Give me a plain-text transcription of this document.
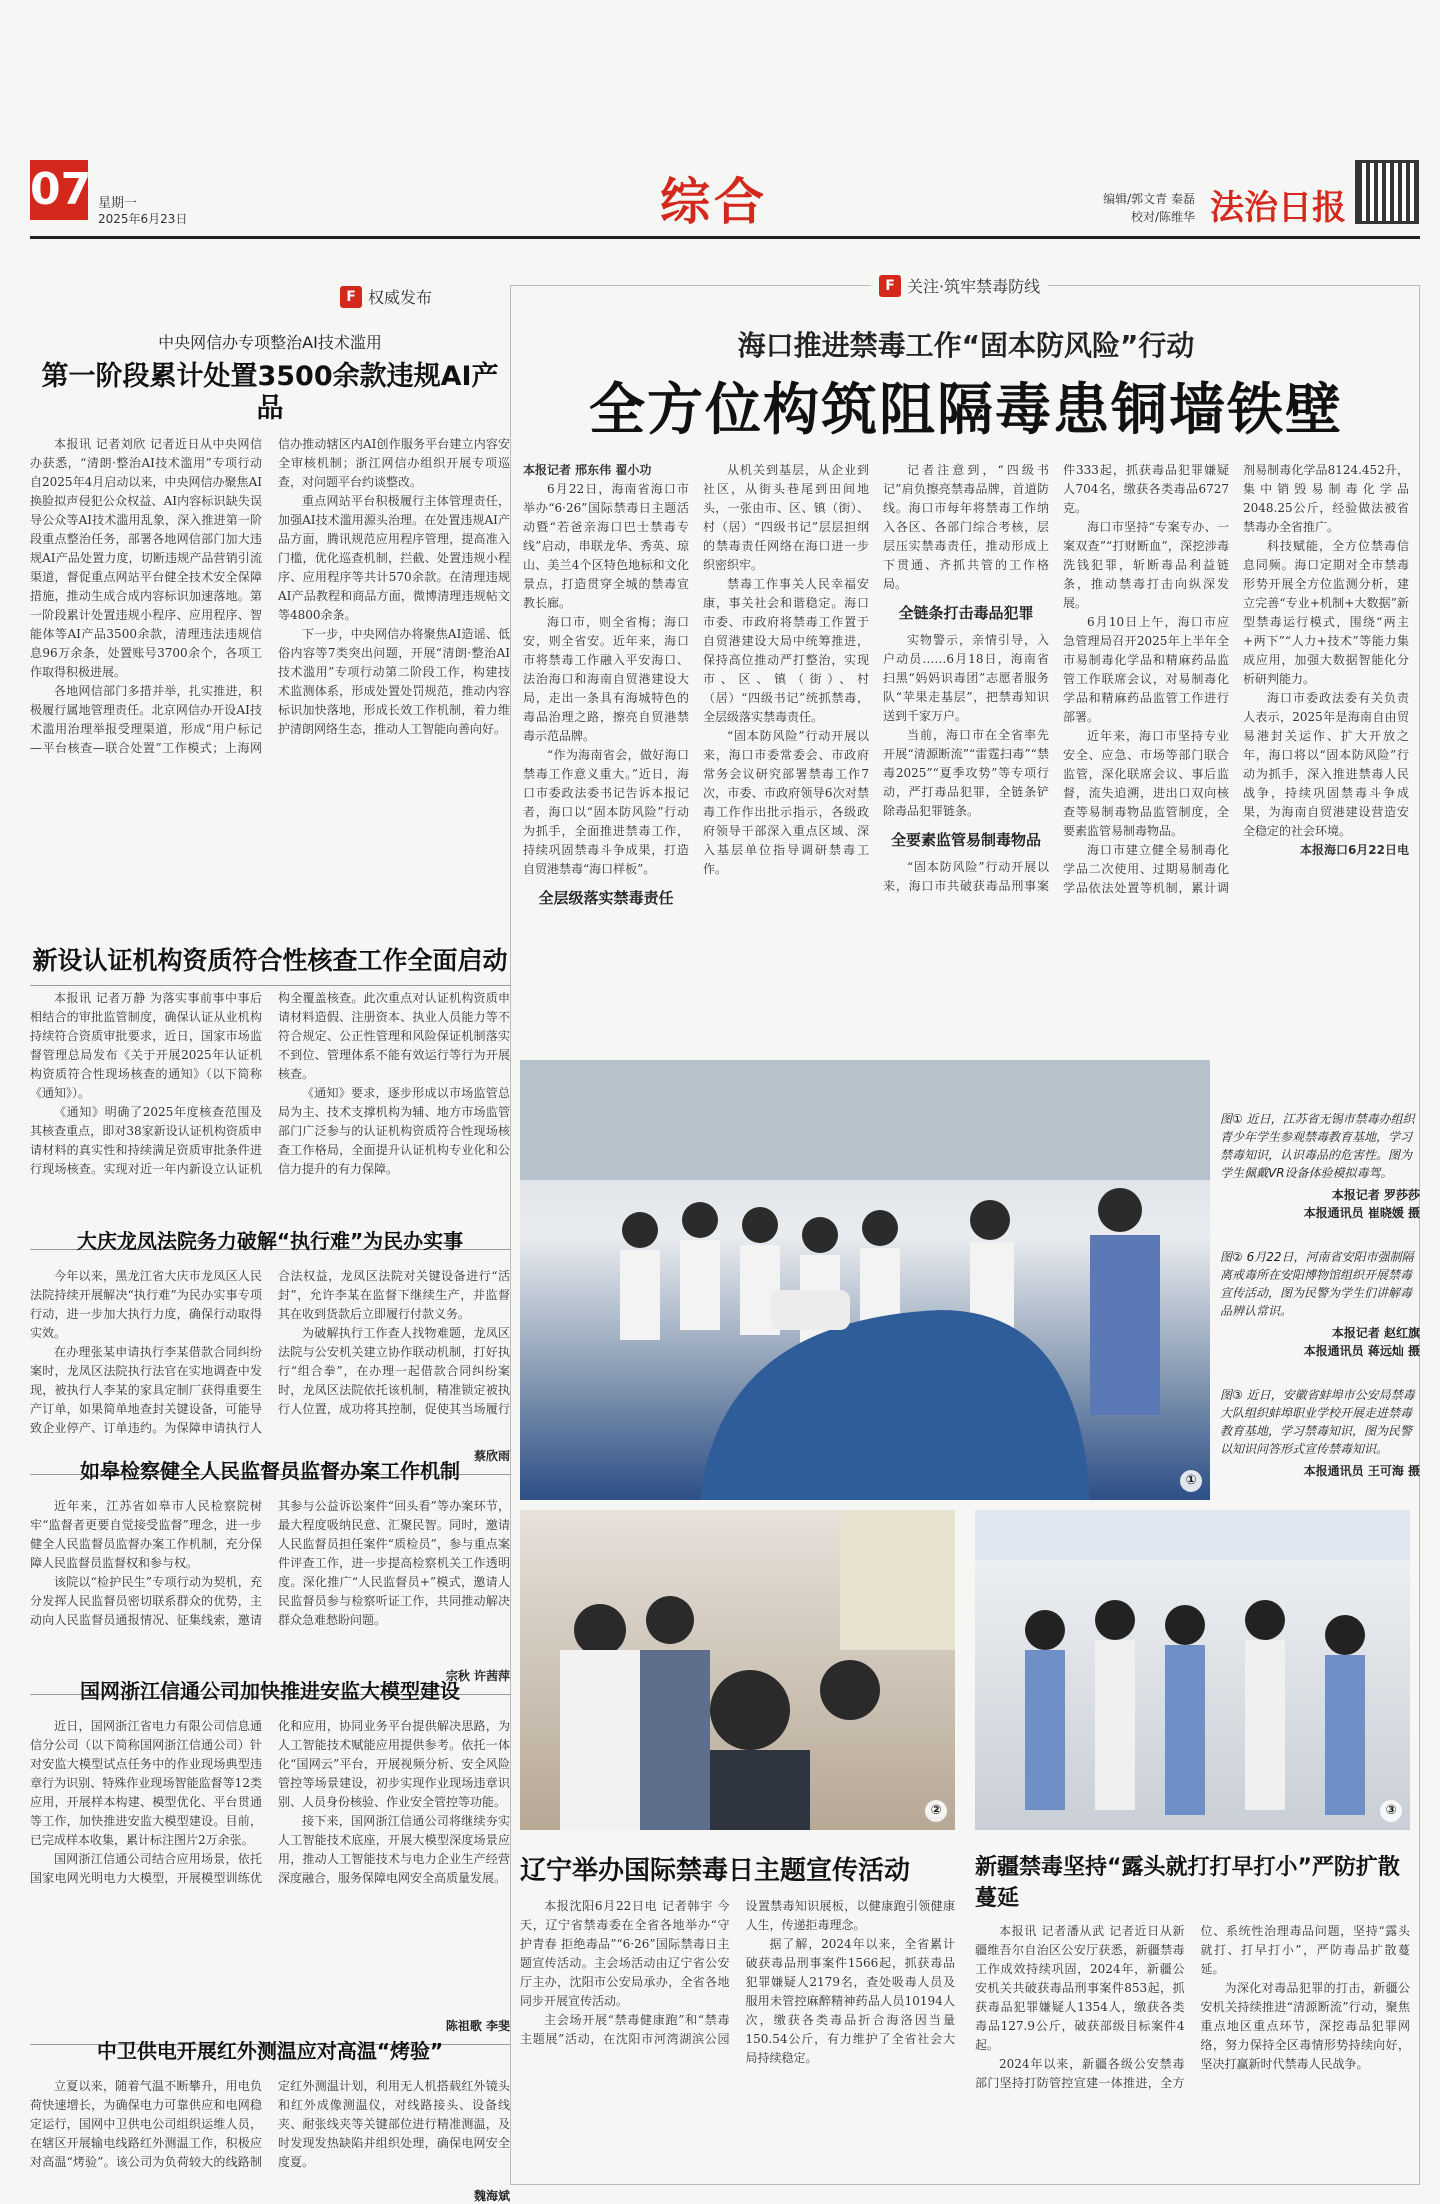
07 星期一
2025年6月23日	综合	编辑/郭文青 秦磊
校对/陈维华 法治日报
F 权威发布
中央网信办专项整治AI技术滥用
第一阶段累计处置3500余款违规AI产品

本报讯 记者刘欣 记者近日从中央网信办获悉，“清朗·整治AI技术滥用”专项行动自2025年4月启动以来，中央网信办聚焦AI换脸拟声侵犯公众权益、AI内容标识缺失误导公众等AI技术滥用乱象，深入推进第一阶段重点整治任务，部署各地网信部门加大违规AI产品处置力度，切断违规产品营销引流渠道，督促重点网站平台健全技术安全保障措施，推动生成合成内容标识加速落地。第一阶段累计处置违规小程序、应用程序、智能体等AI产品3500余款，清理违法违规信息96万余条，处置账号3700余个，各项工作取得积极进展。

各地网信部门多措并举，扎实推进，积极履行属地管理责任。北京网信办开设AI技术滥用治理举报受理渠道，形成“用户标记—平台核查—联合处置”工作模式；上海网信办推动辖区内AI创作服务平台建立内容安全审核机制；浙江网信办组织开展专项巡查，对问题平台约谈整改。

重点网站平台积极履行主体管理责任，加强AI技术滥用源头治理。在处置违规AI产品方面，腾讯规范应用程序管理，提高准入门槛，优化巡查机制，拦截、处置违规小程序、应用程序等共计570余款。在清理违规AI产品教程和商品方面，微博清理违规帖文等4800余条。

下一步，中央网信办将聚焦AI造谣、低俗内容等7类突出问题，开展“清朗·整治AI技术滥用”专项行动第二阶段工作，构建技术监测体系，形成处置处罚规范，推动内容标识加快落地，形成长效工作机制，着力维护清朗网络生态，推动人工智能向善向好。

新设认证机构资质符合性核查工作全面启动

本报讯 记者万静 为落实事前事中事后相结合的审批监管制度，确保认证从业机构持续符合资质审批要求，近日，国家市场监督管理总局发布《关于开展2025年认证机构资质符合性现场核查的通知》（以下简称《通知》）。

《通知》明确了2025年度核查范围及其核查重点，即对38家新设认证机构资质申请材料的真实性和持续满足资质审批条件进行现场核查。实现对近一年内新设立认证机构全覆盖核查。此次重点对认证机构资质申请材料造假、注册资本、执业人员能力等不符合规定、公正性管理和风险保证机制落实不到位、管理体系不能有效运行等行为开展核查。

《通知》要求，逐步形成以市场监管总局为主、技术支撑机构为辅、地方市场监管部门广泛参与的认证机构资质符合性现场核查工作格局，全面提升认证机构专业化和公信力提升的有力保障。

大庆龙凤法院务力破解“执行难”为民办实事

今年以来，黑龙江省大庆市龙凤区人民法院持续开展解决“执行难”为民办实事专项行动，进一步加大执行力度，确保行动取得实效。

在办理张某申请执行李某借款合同纠纷案时，龙凤区法院执行法官在实地调查中发现，被执行人李某的家具定制厂获得重要生产订单，如果简单地查封关键设备，可能导致企业停产、订单违约。为保障申请执行人合法权益，龙凤区法院对关键设备进行“活封”，允许李某在监督下继续生产，并监督其在收到货款后立即履行付款义务。

为破解执行工作查人找物难题，龙凤区法院与公安机关建立协作联动机制，打好执行“组合拳”，在办理一起借款合同纠纷案时，龙凤区法院依托该机制，精准锁定被执行人位置，成功将其控制，促使其当场履行

蔡欣雨
如皋检察健全人民监督员监督办案工作机制

近年来，江苏省如皋市人民检察院树牢“监督者更要自觉接受监督”理念，进一步健全人民监督员监督办案工作机制，充分保障人民监督员监督权和参与权。

该院以“检护民生”专项行动为契机，充分发挥人民监督员密切联系群众的优势，主动向人民监督员通报情况、征集线索，邀请其参与公益诉讼案件“回头看”等办案环节，最大程度吸纳民意、汇聚民智。同时，邀请人民监督员担任案件“质检员”，参与重点案件评查工作，进一步提高检察机关工作透明度。深化推广“人民监督员+”模式，邀请人民监督员参与检察听证工作，共同推动解决群众急难愁盼问题。

宗秋 许茜萍
国网浙江信通公司加快推进安监大模型建设

近日，国网浙江省电力有限公司信息通信分公司（以下简称国网浙江信通公司）针对安监大模型试点任务中的作业现场典型违章行为识别、特殊作业现场智能监督等12类应用，开展样本构建、模型优化、平台贯通等工作，加快推进安监大模型建设。目前，已完成样本收集，累计标注图片2万余张。

国网浙江信通公司结合应用场景，依托国家电网光明电力大模型，开展模型训练优化和应用，协同业务平台提供解决思路，为人工智能技术赋能应用提供参考。依托一体化“国网云”平台，开展视频分析、安全风险管控等场景建设，初步实现作业现场违章识别、人员身份核验、作业安全管控等功能。

接下来，国网浙江信通公司将继续夯实人工智能技术底座，开展大模型深度场景应用，推动人工智能技术与电力企业生产经营深度融合，服务保障电网安全高质量发展。

陈祖歌 李斐
中卫供电开展红外测温应对高温“烤验”

立夏以来，随着气温不断攀升，用电负荷快速增长，为确保电力可靠供应和电网稳定运行，国网中卫供电公司组织运维人员，在辖区开展输电线路红外测温工作，积极应对高温“烤验”。该公司为负荷较大的线路制定红外测温计划，利用无人机搭载红外镜头和红外成像测温仪，对线路接头、设备线夹、耐张线夹等关键部位进行精准测温，及时发现发热缺陷并组织处理，确保电网安全度夏。

魏海斌
F 关注·筑牢禁毒防线
海口推进禁毒工作“固本防风险”行动
全方位构筑阻隔毒患铜墙铁壁

本报记者 邢东伟 翟小功

6月22日，海南省海口市举办“6·26”国际禁毒日主题活动暨“若爸亲海口巴士禁毒专线”启动，串联龙华、秀英、琼山、美兰4个区特色地标和文化景点，打造贯穿全城的禁毒宣教长廊。

海口市，则全省梅；海口安，则全省安。近年来，海口市将禁毒工作融入平安海口、法治海口和海南自贸港建设大局，走出一条具有海城特色的毒品治理之路，擦亮自贸港禁毒示范品牌。

“作为海南省会，做好海口禁毒工作意义重大。”近日，海口市委政法委书记告诉本报记者，海口以“固本防风险”行动为抓手，全面推进禁毒工作，持续巩固禁毒斗争成果，打造自贸港禁毒“海口样板”。

全层级落实禁毒责任

从机关到基层，从企业到社区，从街头巷尾到田间地头，一张由市、区、镇（街）、村（居）“四级书记”层层担纲的禁毒责任网络在海口进一步织密织牢。

禁毒工作事关人民幸福安康，事关社会和谐稳定。海口市委、市政府将禁毒工作置于自贸港建设大局中统筹推进，保持高位推动严打整治，实现市、区、镇（街）、村（居）“四级书记”统抓禁毒，全层级落实禁毒责任。

“固本防风险”行动开展以来，海口市委常委会、市政府常务会议研究部署禁毒工作7次，市委、市政府领导6次对禁毒工作作出批示指示，各级政府领导干部深入重点区域、深入基层单位指导调研禁毒工作。

记者注意到，“四级书记”肩负擦亮禁毒品牌，首道防线。海口市每年将禁毒工作纳入各区、各部门综合考核，层层压实禁毒责任，推动形成上下贯通、齐抓共管的工作格局。

全链条打击毒品犯罪

实物警示，亲情引导，入户动员……6月18日，海南省扫黑“妈妈识毒团”志愿者服务队“苹果走基层”，把禁毒知识送到千家万户。

当前，海口市在全省率先开展“清源断流”“雷霆扫毒”“禁毒2025”“夏季攻势”等专项行动，严打毒品犯罪，全链条铲除毒品犯罪链条。

全要素监管易制毒物品

“固本防风险”行动开展以来，海口市共破获毒品刑事案件333起，抓获毒品犯罪嫌疑人704名，缴获各类毒品6727克。

海口市坚持“专案专办、一案双查”“打财断血”，深挖涉毒洗钱犯罪，斩断毒品利益链条，推动禁毒打击向纵深发展。

6月10日上午，海口市应急管理局召开2025年上半年全市易制毒化学品和精麻药品监管工作联席会议，对易制毒化学品和精麻药品监管工作进行部署。

近年来，海口市坚持专业安全、应急、市场等部门联合监管，深化联席会议、事后监督，流失追溯，进出口双向核查等易制毒物品监管制度，全要素监管易制毒物品。

海口市建立健全易制毒化学品二次使用、过期易制毒化学品依法处置等机制，累计调剂易制毒化学品8124.452升，集中销毁易制毒化学品2048.25公斤，经验做法被省禁毒办全省推广。

科技赋能，全方位禁毒信息同频。海口定期对全市禁毒形势开展全方位监测分析，建立完善“专业+机制+大数据”新型禁毒运行模式，围绕“两主+两下”“人力+技术”等能力集成应用，加强大数据智能化分析研判能力。

海口市委政法委有关负责人表示，2025年是海南自由贸易港封关运作、扩大开放之年，海口将以“固本防风险”行动为抓手，深入推进禁毒人民战争，持续巩固禁毒斗争成果，为海南自贸港建设营造安全稳定的社会环境。

本报海口6月22日电

①
图① 近日，江苏省无锡市禁毒办组织青少年学生参观禁毒教育基地，学习禁毒知识，认识毒品的危害性。图为学生佩戴VR设备体验模拟毒驾。
本报记者 罗莎莎
本报通讯员 崔晓媛 摄
图② 6月22日，河南省安阳市强制隔离戒毒所在安阳博物馆组织开展禁毒宣传活动，图为民警为学生们讲解毒品辨认常识。
本报记者 赵红旗
本报通讯员 蒋远灿 摄
图③ 近日，安徽省蚌埠市公安局禁毒大队组织蚌埠职业学校开展走进禁毒教育基地，学习禁毒知识，图为民警以知识问答形式宣传禁毒知识。
本报通讯员 王可海 摄
②	③
辽宁举办国际禁毒日主题宣传活动

本报沈阳6月22日电 记者韩宇 今天，辽宁省禁毒委在全省各地举办“守护青春 拒绝毒品”“6·26”国际禁毒日主题宣传活动。主会场活动由辽宁省公安厅主办，沈阳市公安局承办，全省各地同步开展宣传活动。

主会场开展“禁毒健康跑”和“禁毒主题展”活动，在沈阳市河湾湖滨公园设置禁毒知识展板，以健康跑引领健康人生，传递拒毒理念。

据了解，2024年以来，全省累计破获毒品刑事案件1566起，抓获毒品犯罪嫌疑人2179名，查处吸毒人员及服用未管控麻醉精神药品人员10194人次，缴获各类毒品折合海洛因当量150.54公斤，有力维护了全省社会大局持续稳定。

新疆禁毒坚持“露头就打打早打小”严防扩散蔓延

本报讯 记者潘从武 记者近日从新疆维吾尔自治区公安厅获悉，新疆禁毒工作成效持续巩固，2024年，新疆公安机关共破获毒品刑事案件853起，抓获毒品犯罪嫌疑人1354人，缴获各类毒品127.9公斤，破获部级目标案件4起。

2024年以来，新疆各级公安禁毒部门坚持打防管控宣建一体推进，全方位、系统性治理毒品问题，坚持“露头就打、打早打小”，严防毒品扩散蔓延。

为深化对毒品犯罪的打击，新疆公安机关持续推进“清源断流”行动，聚焦重点地区重点环节，深挖毒品犯罪网络，努力保持全区毒情形势持续向好，坚决打赢新时代禁毒人民战争。
